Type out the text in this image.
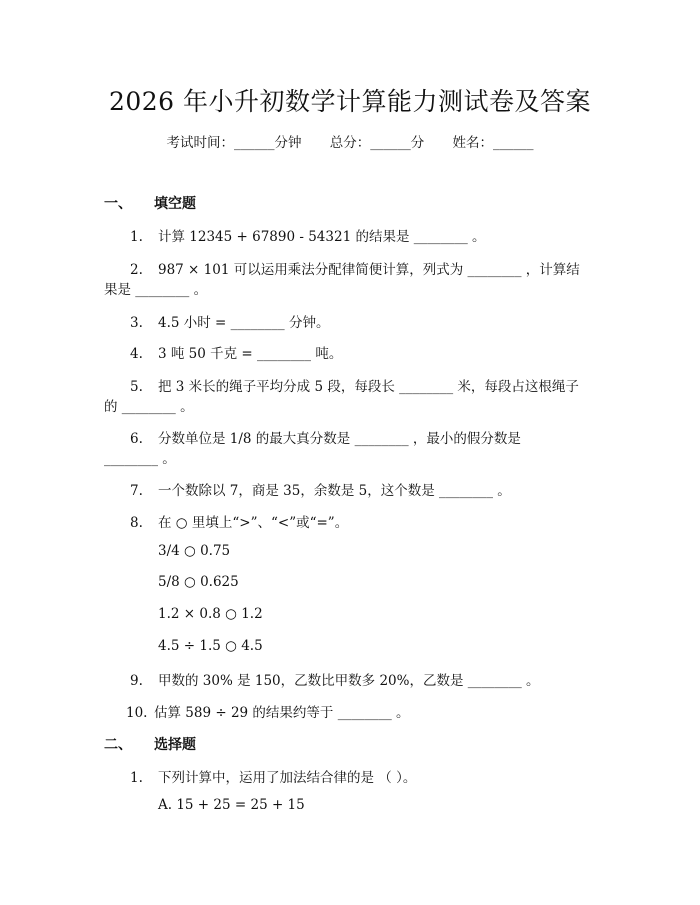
2026 年小升初数学计算能力测试卷及答案
考试时间：______分钟 总分：______分 姓名：______
一、 填空题
1. 计算 12345 + 67890 - 54321 的结果是 ________ 。
2. 987 × 101 可以运用乘法分配律简便计算，列式为 ________ ，计算结
果是 ________ 。
3. 4.5 小时 = ________ 分钟。
4. 3 吨 50 千克 = ________ 吨。
5. 把 3 米长的绳子平均分成 5 段，每段长 ________ 米，每段占这根绳子
的 ________ 。
6. 分数单位是 1/8 的最大真分数是 ________ ，最小的假分数是
________ 。
7. 一个数除以 7，商是 35，余数是 5，这个数是 ________ 。
8. 在 ○ 里填上“>”、“<”或“=”。
3/4 ○ 0.75
5/8 ○ 0.625
1.2 × 0.8 ○ 1.2
4.5 ÷ 1.5 ○ 4.5
9. 甲数的 30% 是 150，乙数比甲数多 20%，乙数是 ________ 。
10. 估算 589 ÷ 29 的结果约等于 ________ 。
二、 选择题
1. 下列计算中，运用了加法结合律的是 （ ）。
A. 15 + 25 = 25 + 15
